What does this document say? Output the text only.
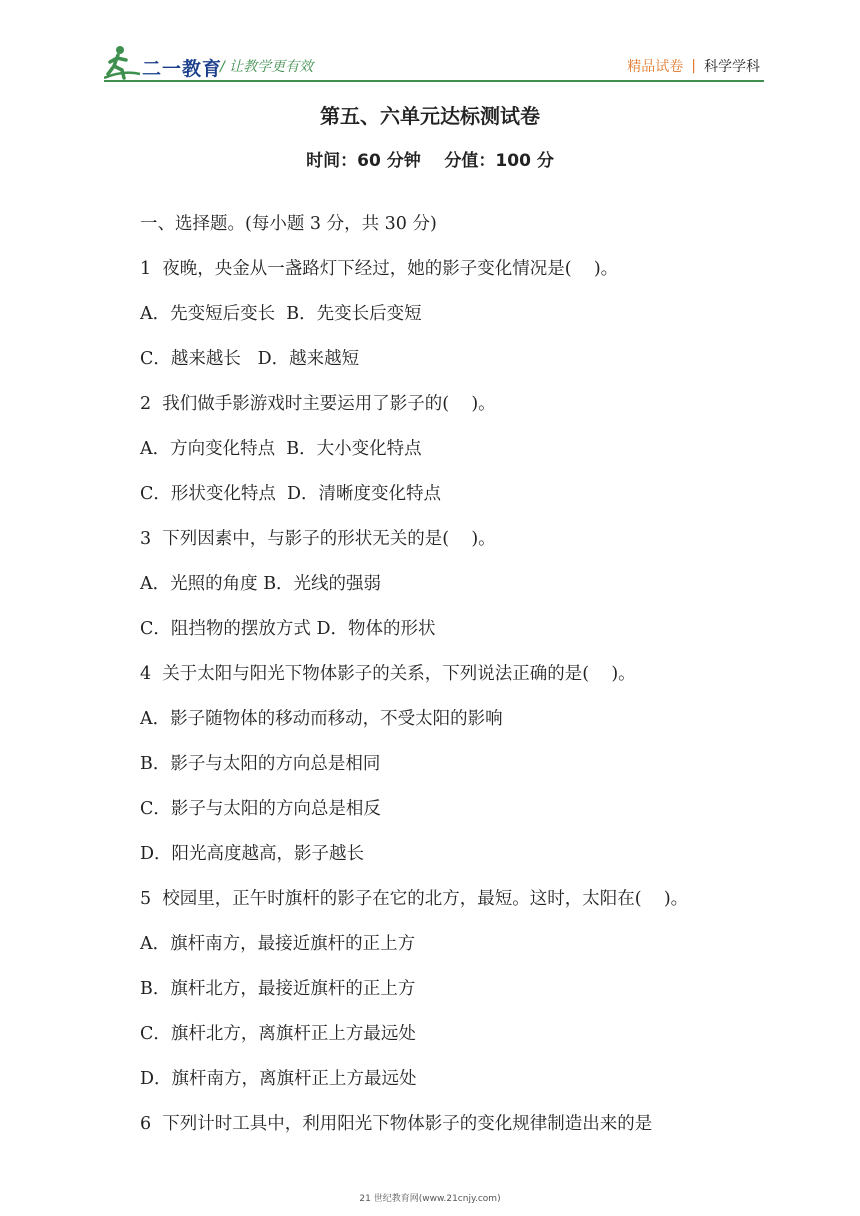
二一教育
/ 让教学更有效	精品试卷 | 科学学科
第五、六单元达标测试卷
时间：60 分钟    分值：100 分
一、选择题。(每小题 3 分，共 30 分)
1  夜晚，央金从一盏路灯下经过，她的影子变化情况是(    )。
A．先变短后变长  B．先变长后变短
C．越来越长   D．越来越短
2  我们做手影游戏时主要运用了影子的(    )。
A．方向变化特点  B．大小变化特点
C．形状变化特点  D．清晰度变化特点
3  下列因素中，与影子的形状无关的是(    )。
A．光照的角度 B．光线的强弱
C．阻挡物的摆放方式 D．物体的形状
4  关于太阳与阳光下物体影子的关系，下列说法正确的是(    )。
A．影子随物体的移动而移动，不受太阳的影响
B．影子与太阳的方向总是相同
C．影子与太阳的方向总是相反
D．阳光高度越高，影子越长
5  校园里，正午时旗杆的影子在它的北方，最短。这时，太阳在(    )。
A．旗杆南方，最接近旗杆的正上方
B．旗杆北方，最接近旗杆的正上方
C．旗杆北方，离旗杆正上方最远处
D．旗杆南方，离旗杆正上方最远处
6  下列计时工具中，利用阳光下物体影子的变化规律制造出来的是
21 世纪教育网(www.21cnjy.com)
